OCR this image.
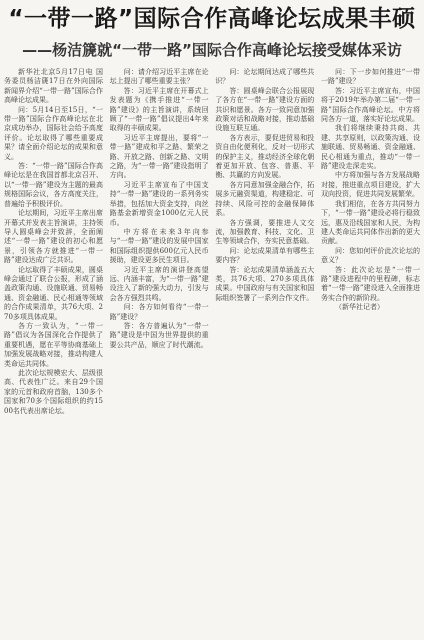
“一带一路”国际合作高峰论坛成果丰硕
——杨洁篪就“一带一路”国际合作高峰论坛接受媒体采访

新华社北京5月17日电 国务委员杨洁篪17日在外向国际新闻界介绍“一带一路”国际合作高峰论坛成果。

问：5月14日至15日，“一带一路”国际合作高峰论坛在北京成功举办，国际社会给予高度评价。论坛取得了哪些重要成果？请全面介绍论坛的成果和意义。

答：“一带一路”国际合作高峰论坛是在我国首都北京召开、以“一带一路”建设为主题的最高规格国际会议，各方高度关注，普遍给予积极评价。

论坛期间，习近平主席出席开幕式并发表主旨演讲，主持领导人圆桌峰会并致辞，全面阐述“一带一路”建设的初心和愿景，引领各方就推进“一带一路”建设达成广泛共识。

论坛取得了丰硕成果，圆桌峰会通过了联合公报，形成了涵盖政策沟通、设施联通、贸易畅通、资金融通、民心相通等领域的合作成果清单，共76大项、270多项具体成果。

各方一致认为，“一带一路”倡议为各国深化合作提供了重要机遇，愿在平等协商基础上加强发展战略对接，推动构建人类命运共同体。

此次论坛规模宏大、层级很高、代表性广泛。来自29个国家的元首和政府首脑，130多个国家和70多个国际组织的约1500名代表出席论坛。

问：请介绍习近平主席在论坛上提出了哪些重要主张？

答：习近平主席在开幕式上发表题为《携手推进“一带一路”建设》的主旨演讲，系统回顾了“一带一路”倡议提出4年来取得的丰硕成果。

习近平主席提出，要将“一带一路”建成和平之路、繁荣之路、开放之路、创新之路、文明之路，为“一带一路”建设指明了方向。

习近平主席宣布了中国支持“一带一路”建设的一系列务实举措，包括加大资金支持，向丝路基金新增资金1000亿元人民币。

中方将在未来3年向参与“一带一路”建设的发展中国家和国际组织提供600亿元人民币援助，建设更多民生项目。

习近平主席的演讲登高望远、内涵丰富，为“一带一路”建设注入了新的强大动力，引发与会各方强烈共鸣。

问：各方如何看待“一带一路”建设？

答：各方普遍认为“一带一路”建设是中国为世界提供的重要公共产品，顺应了时代潮流。

问：论坛期间达成了哪些共识？

答：圆桌峰会联合公报展现了各方在“一带一路”建设方面的共识和愿景。各方一致同意加强政策对话和战略对接，推动基础设施互联互通。

各方表示，要促进贸易和投资自由化便利化，反对一切形式的保护主义，推动经济全球化朝着更加开放、包容、普惠、平衡、共赢的方向发展。

各方同意加强金融合作，拓展多元融资渠道，构建稳定、可持续、风险可控的金融保障体系。

各方强调，要推进人文交流，加强教育、科技、文化、卫生等领域合作，夯实民意基础。

问：论坛成果清单有哪些主要内容？

答：论坛成果清单涵盖五大类，共76大项、270多项具体成果。中国政府与有关国家和国际组织签署了一系列合作文件。

问：下一步如何推进“一带一路”建设？

答：习近平主席宣布，中国将于2019年举办第二届“一带一路”国际合作高峰论坛。中方将同各方一道，落实好论坛成果。

我们将继续秉持共商、共建、共享原则，以政策沟通、设施联通、贸易畅通、资金融通、民心相通为重点，推动“一带一路”建设走深走实。

中方将加强与各方发展战略对接，推进重点项目建设，扩大双向投资，促进共同发展繁荣。

我们相信，在各方共同努力下，“一带一路”建设必将行稳致远，惠及沿线国家和人民，为构建人类命运共同体作出新的更大贡献。

问：您如何评价此次论坛的意义？

答：此次论坛是“一带一路”建设进程中的里程碑，标志着“一带一路”建设进入全面推进务实合作的新阶段。

（新华社记者）
